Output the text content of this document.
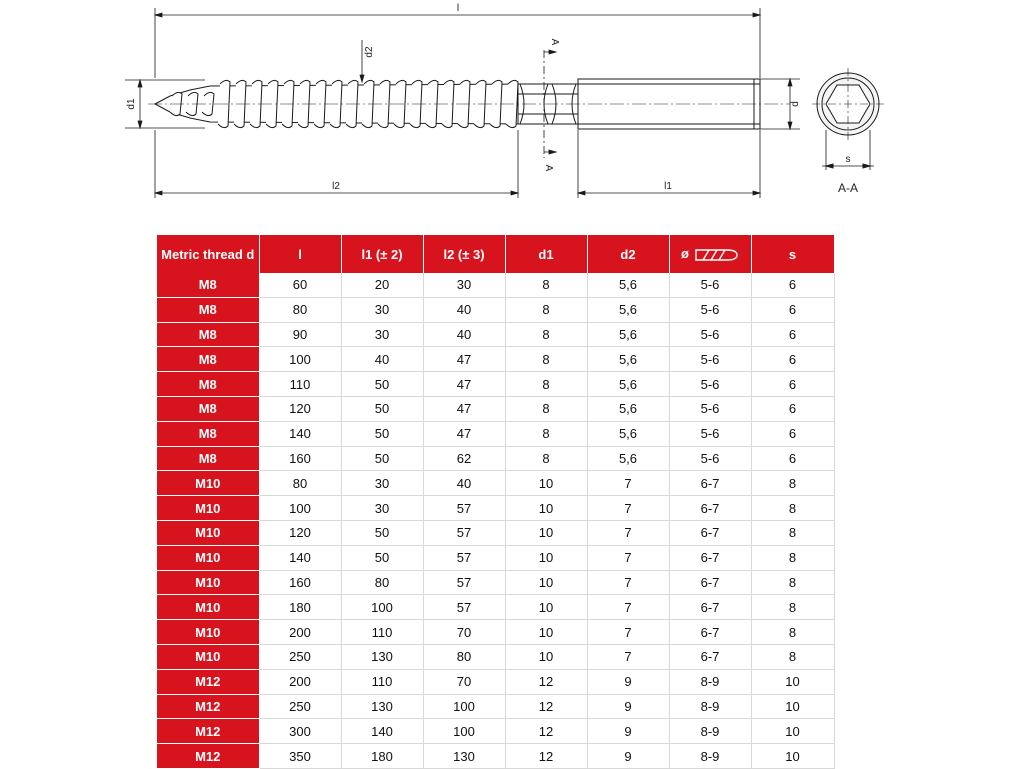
l
d1
d2
A
A
d
l2	l1
s
A-A
Metric thread d	l	l1 (± 2)	l2 (± 3)	d1	d2	ø	s
M8	60	20	30	8	5,6	5-6	6
M8	80	30	40	8	5,6	5-6	6
M8	90	30	40	8	5,6	5-6	6
M8	100	40	47	8	5,6	5-6	6
M8	110	50	47	8	5,6	5-6	6
M8	120	50	47	8	5,6	5-6	6
M8	140	50	47	8	5,6	5-6	6
M8	160	50	62	8	5,6	5-6	6
M10	80	30	40	10	7	6-7	8
M10	100	30	57	10	7	6-7	8
M10	120	50	57	10	7	6-7	8
M10	140	50	57	10	7	6-7	8
M10	160	80	57	10	7	6-7	8
M10	180	100	57	10	7	6-7	8
M10	200	110	70	10	7	6-7	8
M10	250	130	80	10	7	6-7	8
M12	200	110	70	12	9	8-9	10
M12	250	130	100	12	9	8-9	10
M12	300	140	100	12	9	8-9	10
M12	350	180	130	12	9	8-9	10
